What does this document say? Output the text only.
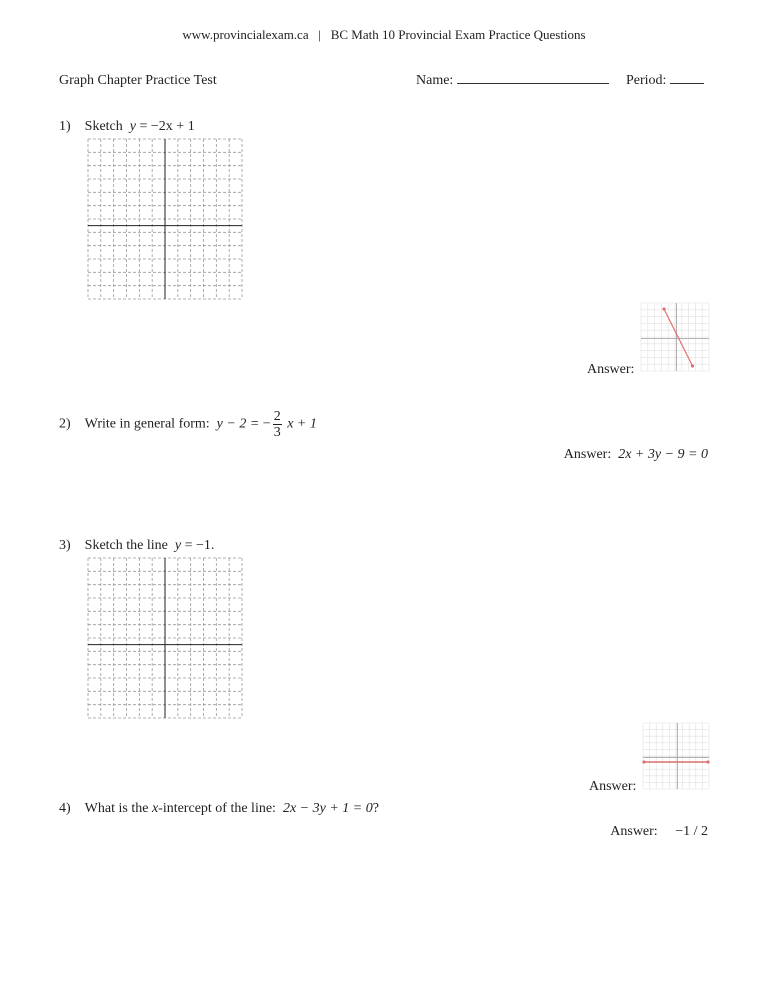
www.provincialexam.ca | BC Math 10 Provincial Exam Practice Questions
Graph Chapter Practice Test	Name:	Period:
1) Sketch y = −2x + 1
Answer:
2) Write in general form: y − 2 = − $\frac{2}{3}$ x + 1
Answer: 2x + 3y − 9 = 0
3) Sketch the line y = −1.
Answer:
4) What is the x-intercept of the line: 2x − 3y + 1 = 0?
Answer: −1 / 2
